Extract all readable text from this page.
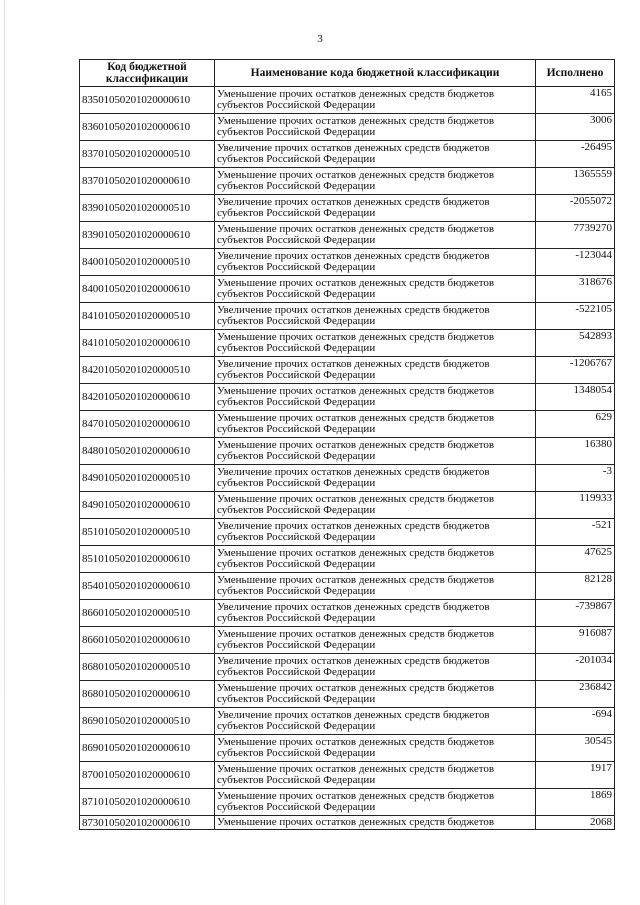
3
Код бюджетной классификации	Наименование кода бюджетной классификации	Исполнено
83501050201020000610	Уменьшение прочих остатков денежных средств бюджетов
субъектов Российской Федерации	4165
83601050201020000610	Уменьшение прочих остатков денежных средств бюджетов
субъектов Российской Федерации	3006
83701050201020000510	Увеличение прочих остатков денежных средств бюджетов
субъектов Российской Федерации	-26495
83701050201020000610	Уменьшение прочих остатков денежных средств бюджетов
субъектов Российской Федерации	1365559
83901050201020000510	Увеличение прочих остатков денежных средств бюджетов
субъектов Российской Федерации	-2055072
83901050201020000610	Уменьшение прочих остатков денежных средств бюджетов
субъектов Российской Федерации	7739270
84001050201020000510	Увеличение прочих остатков денежных средств бюджетов
субъектов Российской Федерации	-123044
84001050201020000610	Уменьшение прочих остатков денежных средств бюджетов
субъектов Российской Федерации	318676
84101050201020000510	Увеличение прочих остатков денежных средств бюджетов
субъектов Российской Федерации	-522105
84101050201020000610	Уменьшение прочих остатков денежных средств бюджетов
субъектов Российской Федерации	542893
84201050201020000510	Увеличение прочих остатков денежных средств бюджетов
субъектов Российской Федерации	-1206767
84201050201020000610	Уменьшение прочих остатков денежных средств бюджетов
субъектов Российской Федерации	1348054
84701050201020000610	Уменьшение прочих остатков денежных средств бюджетов
субъектов Российской Федерации	629
84801050201020000610	Уменьшение прочих остатков денежных средств бюджетов
субъектов Российской Федерации	16380
84901050201020000510	Увеличение прочих остатков денежных средств бюджетов
субъектов Российской Федерации	-3
84901050201020000610	Уменьшение прочих остатков денежных средств бюджетов
субъектов Российской Федерации	119933
85101050201020000510	Увеличение прочих остатков денежных средств бюджетов
субъектов Российской Федерации	-521
85101050201020000610	Уменьшение прочих остатков денежных средств бюджетов
субъектов Российской Федерации	47625
85401050201020000610	Уменьшение прочих остатков денежных средств бюджетов
субъектов Российской Федерации	82128
86601050201020000510	Увеличение прочих остатков денежных средств бюджетов
субъектов Российской Федерации	-739867
86601050201020000610	Уменьшение прочих остатков денежных средств бюджетов
субъектов Российской Федерации	916087
86801050201020000510	Увеличение прочих остатков денежных средств бюджетов
субъектов Российской Федерации	-201034
86801050201020000610	Уменьшение прочих остатков денежных средств бюджетов
субъектов Российской Федерации	236842
86901050201020000510	Увеличение прочих остатков денежных средств бюджетов
субъектов Российской Федерации	-694
86901050201020000610	Уменьшение прочих остатков денежных средств бюджетов
субъектов Российской Федерации	30545
87001050201020000610	Уменьшение прочих остатков денежных средств бюджетов
субъектов Российской Федерации	1917
87101050201020000610	Уменьшение прочих остатков денежных средств бюджетов
субъектов Российской Федерации	1869
87301050201020000610	Уменьшение прочих остатков денежных средств бюджетов	2068
